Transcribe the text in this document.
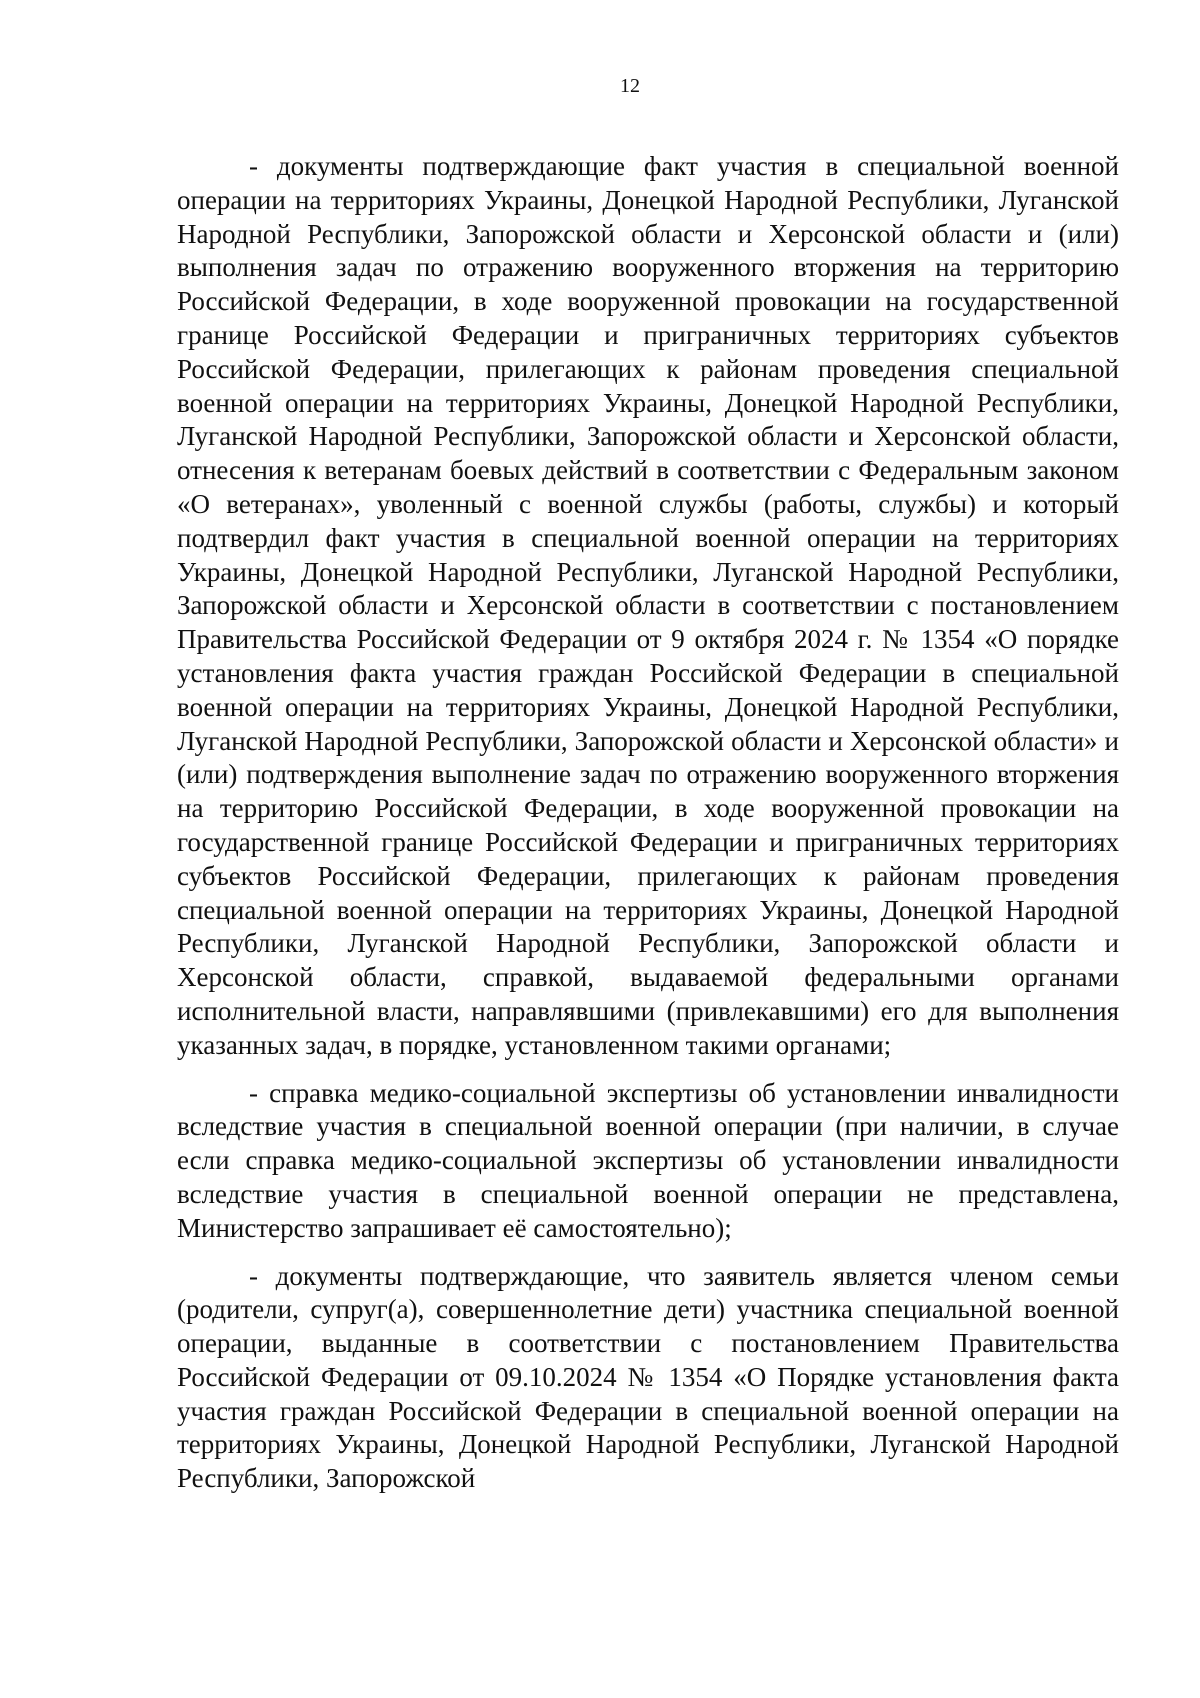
12

- документы подтверждающие факт участия в специальной военной операции на территориях Украины, Донецкой Народной Республики, Луганской Народной Республики, Запорожской области и Херсонской области и (или) выполнения задач по отражению вооруженного вторжения на территорию Российской Федерации, в ходе вооруженной провокации на государственной границе Российской Федерации и приграничных территориях субъектов Российской Федерации, прилегающих к районам проведения специальной военной операции на территориях Украины, Донецкой Народной Республики, Луганской Народной Республики, Запорожской области и Херсонской области, отнесения к ветеранам боевых действий в соответствии с Федеральным законом «О ветеранах», уволенный с военной службы (работы, службы) и который подтвердил факт участия в специальной военной операции на территориях Украины, Донецкой Народной Республики, Луганской Народной Республики, Запорожской области и Херсонской области в соответствии с постановлением Правительства Российской Федерации от 9 октября 2024 г. № 1354 «О порядке установления факта участия граждан Российской Федерации в специальной военной операции на территориях Украины, Донецкой Народной Республики, Луганской Народной Республики, Запорожской области и Херсонской области» и (или) подтверждения выполнение задач по отражению вооруженного вторжения на территорию Российской Федерации, в ходе вооруженной провокации на государственной границе Российской Федерации и приграничных территориях субъектов Российской Федерации, прилегающих к районам проведения специальной военной операции на территориях Украины, Донецкой Народной Республики, Луганской Народной Республики, Запорожской области и Херсонской области, справкой, выдаваемой федеральными органами исполнительной власти, направлявшими (привлекавшими) его для выполнения указанных задач, в порядке, установленном такими органами;

- справка медико-социальной экспертизы об установлении инвалидности вследствие участия в специальной военной операции (при наличии, в случае если справка медико-социальной экспертизы об установлении инвалидности вследствие участия в специальной военной операции не представлена, Министерство запрашивает её самостоятельно);

- документы подтверждающие, что заявитель является членом семьи (родители, супруг(а), совершеннолетние дети) участника специальной военной операции, выданные в соответствии с постановлением Правительства Российской Федерации от 09.10.2024 № 1354 «О Порядке установления факта участия граждан Российской Федерации в специальной военной операции на территориях Украины, Донецкой Народной Республики, Луганской Народной Республики, Запорожской
